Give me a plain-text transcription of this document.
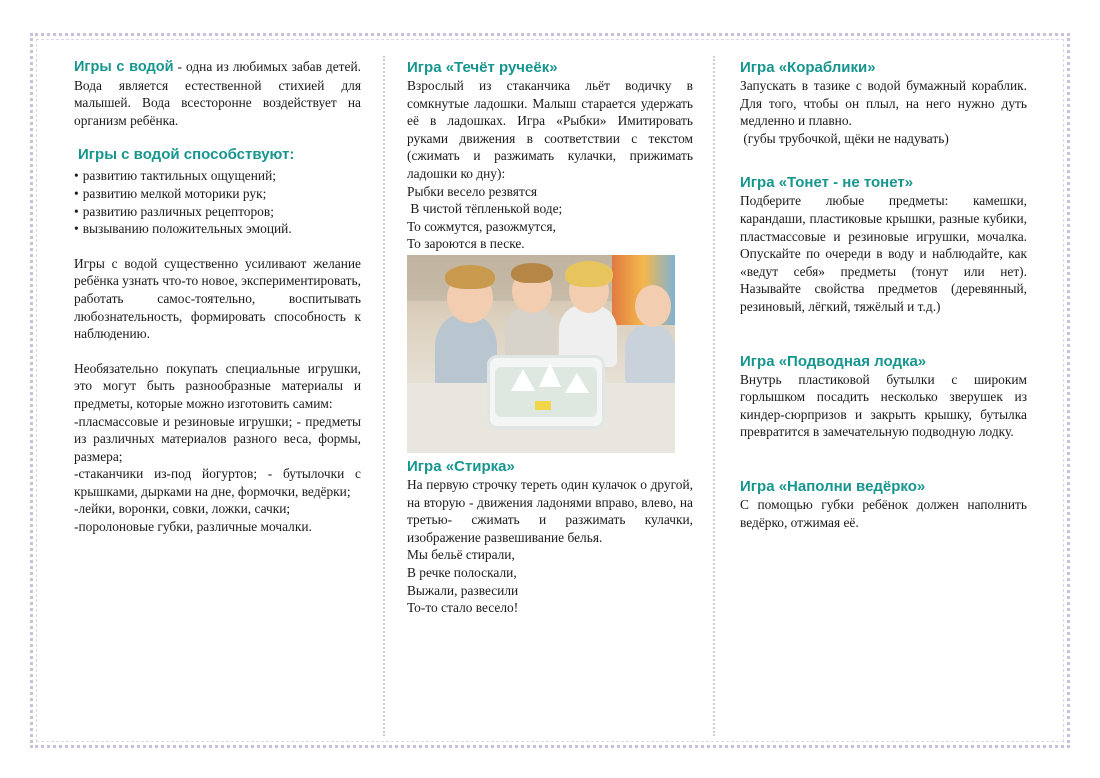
Игры с водой - одна из любимых забав детей. Вода является естественной стихией для малышей. Вода всесторонне воздействует на организм ребёнка.

Игры с водой способствуют:
• развитию тактильных ощущений;
• развитию мелкой моторики рук;
• развитию различных рецепторов;
• вызыванию положительных эмоций.

Игры с водой существенно усиливают желание ребёнка узнать что-то новое, экспериментировать, работать самос-тоятельно, воспитывать любознательность, формировать способность к наблюдению.

Необязательно покупать специальные игрушки, это могут быть разнообразные материалы и предметы, которые можно изготовить самим:

-пласмассовые и резиновые игрушки; - предметы из различных материалов разного веса, формы, размера;

-стаканчики из-под йогуртов; - бутылочки с крышками, дырками на дне, формочки, ведёрки;

-лейки, воронки, совки, ложки, сачки;

-поролоновые губки, различные мочалки.

Игра «Течёт ручеёк»

Взрослый из стаканчика льёт водичку в сомкнутые ладошки. Малыш старается удержать её в ладошках. Игра «Рыбки» Имитировать руками движения в соответствии с текстом (сжимать и разжимать кулачки, прижимать ладошки ко дну):

Рыбки весело резвятся
В чистой тёпленькой воде;
То сожмутся, разожмутся,
То зароются в песке.
Игра «Стирка»

На первую строчку тереть один кулачок о другой, на вторую - движения ладонями вправо, влево, на третью- сжимать и разжимать кулачки, изображение развешивание белья.

Мы бельё стирали,
В речке полоскали,
Выжали, развесили
То-то стало весело!
Игра «Кораблики»

Запускать в тазике с водой бумажный кораблик. Для того, чтобы он плыл, на него нужно дуть медленно и плавно.

(губы трубочкой, щёки не надувать)

Игра «Тонет - не тонет»

Подберите любые предметы: камешки, карандаши, пластиковые крышки, разные кубики, пластмассовые и резиновые игрушки, мочалка. Опускайте по очереди в воду и наблюдайте, как «ведут себя» предметы (тонут или нет). Называйте свойства предметов (деревянный, резиновый, лёгкий, тяжёлый и т.д.)

Игра «Подводная лодка»

Внутрь пластиковой бутылки с широким горлышком посадить несколько зверушек из киндер-сюрпризов и закрыть крышку, бутылка превратится в замечательную подводную лодку.

Игра «Наполни ведёрко»

С помощью губки ребёнок должен наполнить ведёрко, отжимая её.
